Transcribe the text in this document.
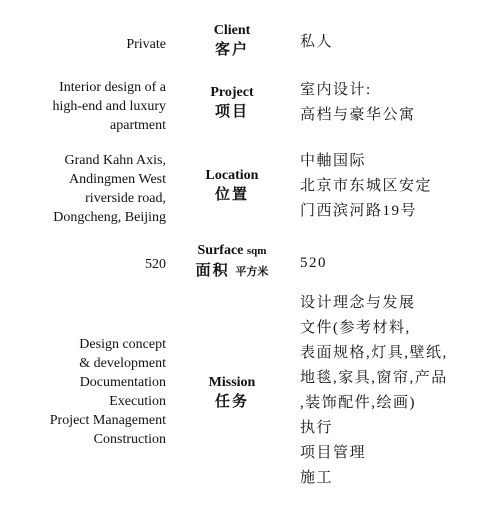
Private
Client
客户	私人
Interior design of a
high-end and luxury
apartment
Project
项目
室内设计:
高档与豪华公寓
Grand Kahn Axis,
Andingmen West
riverside road,
Dongcheng, Beijing
Location
位置
中軸国际
北京市东城区安定
门西滨河路19号
520
Surface sqm
面积 平方米
520
Design concept
& development
Documentation
Execution
Project Management
Construction
Mission
任务
设计理念与发展
文件(参考材料,
表面规格,灯具,壁纸,
地毯,家具,窗帘,产品
,装饰配件,绘画)
执行
项目管理
施工
